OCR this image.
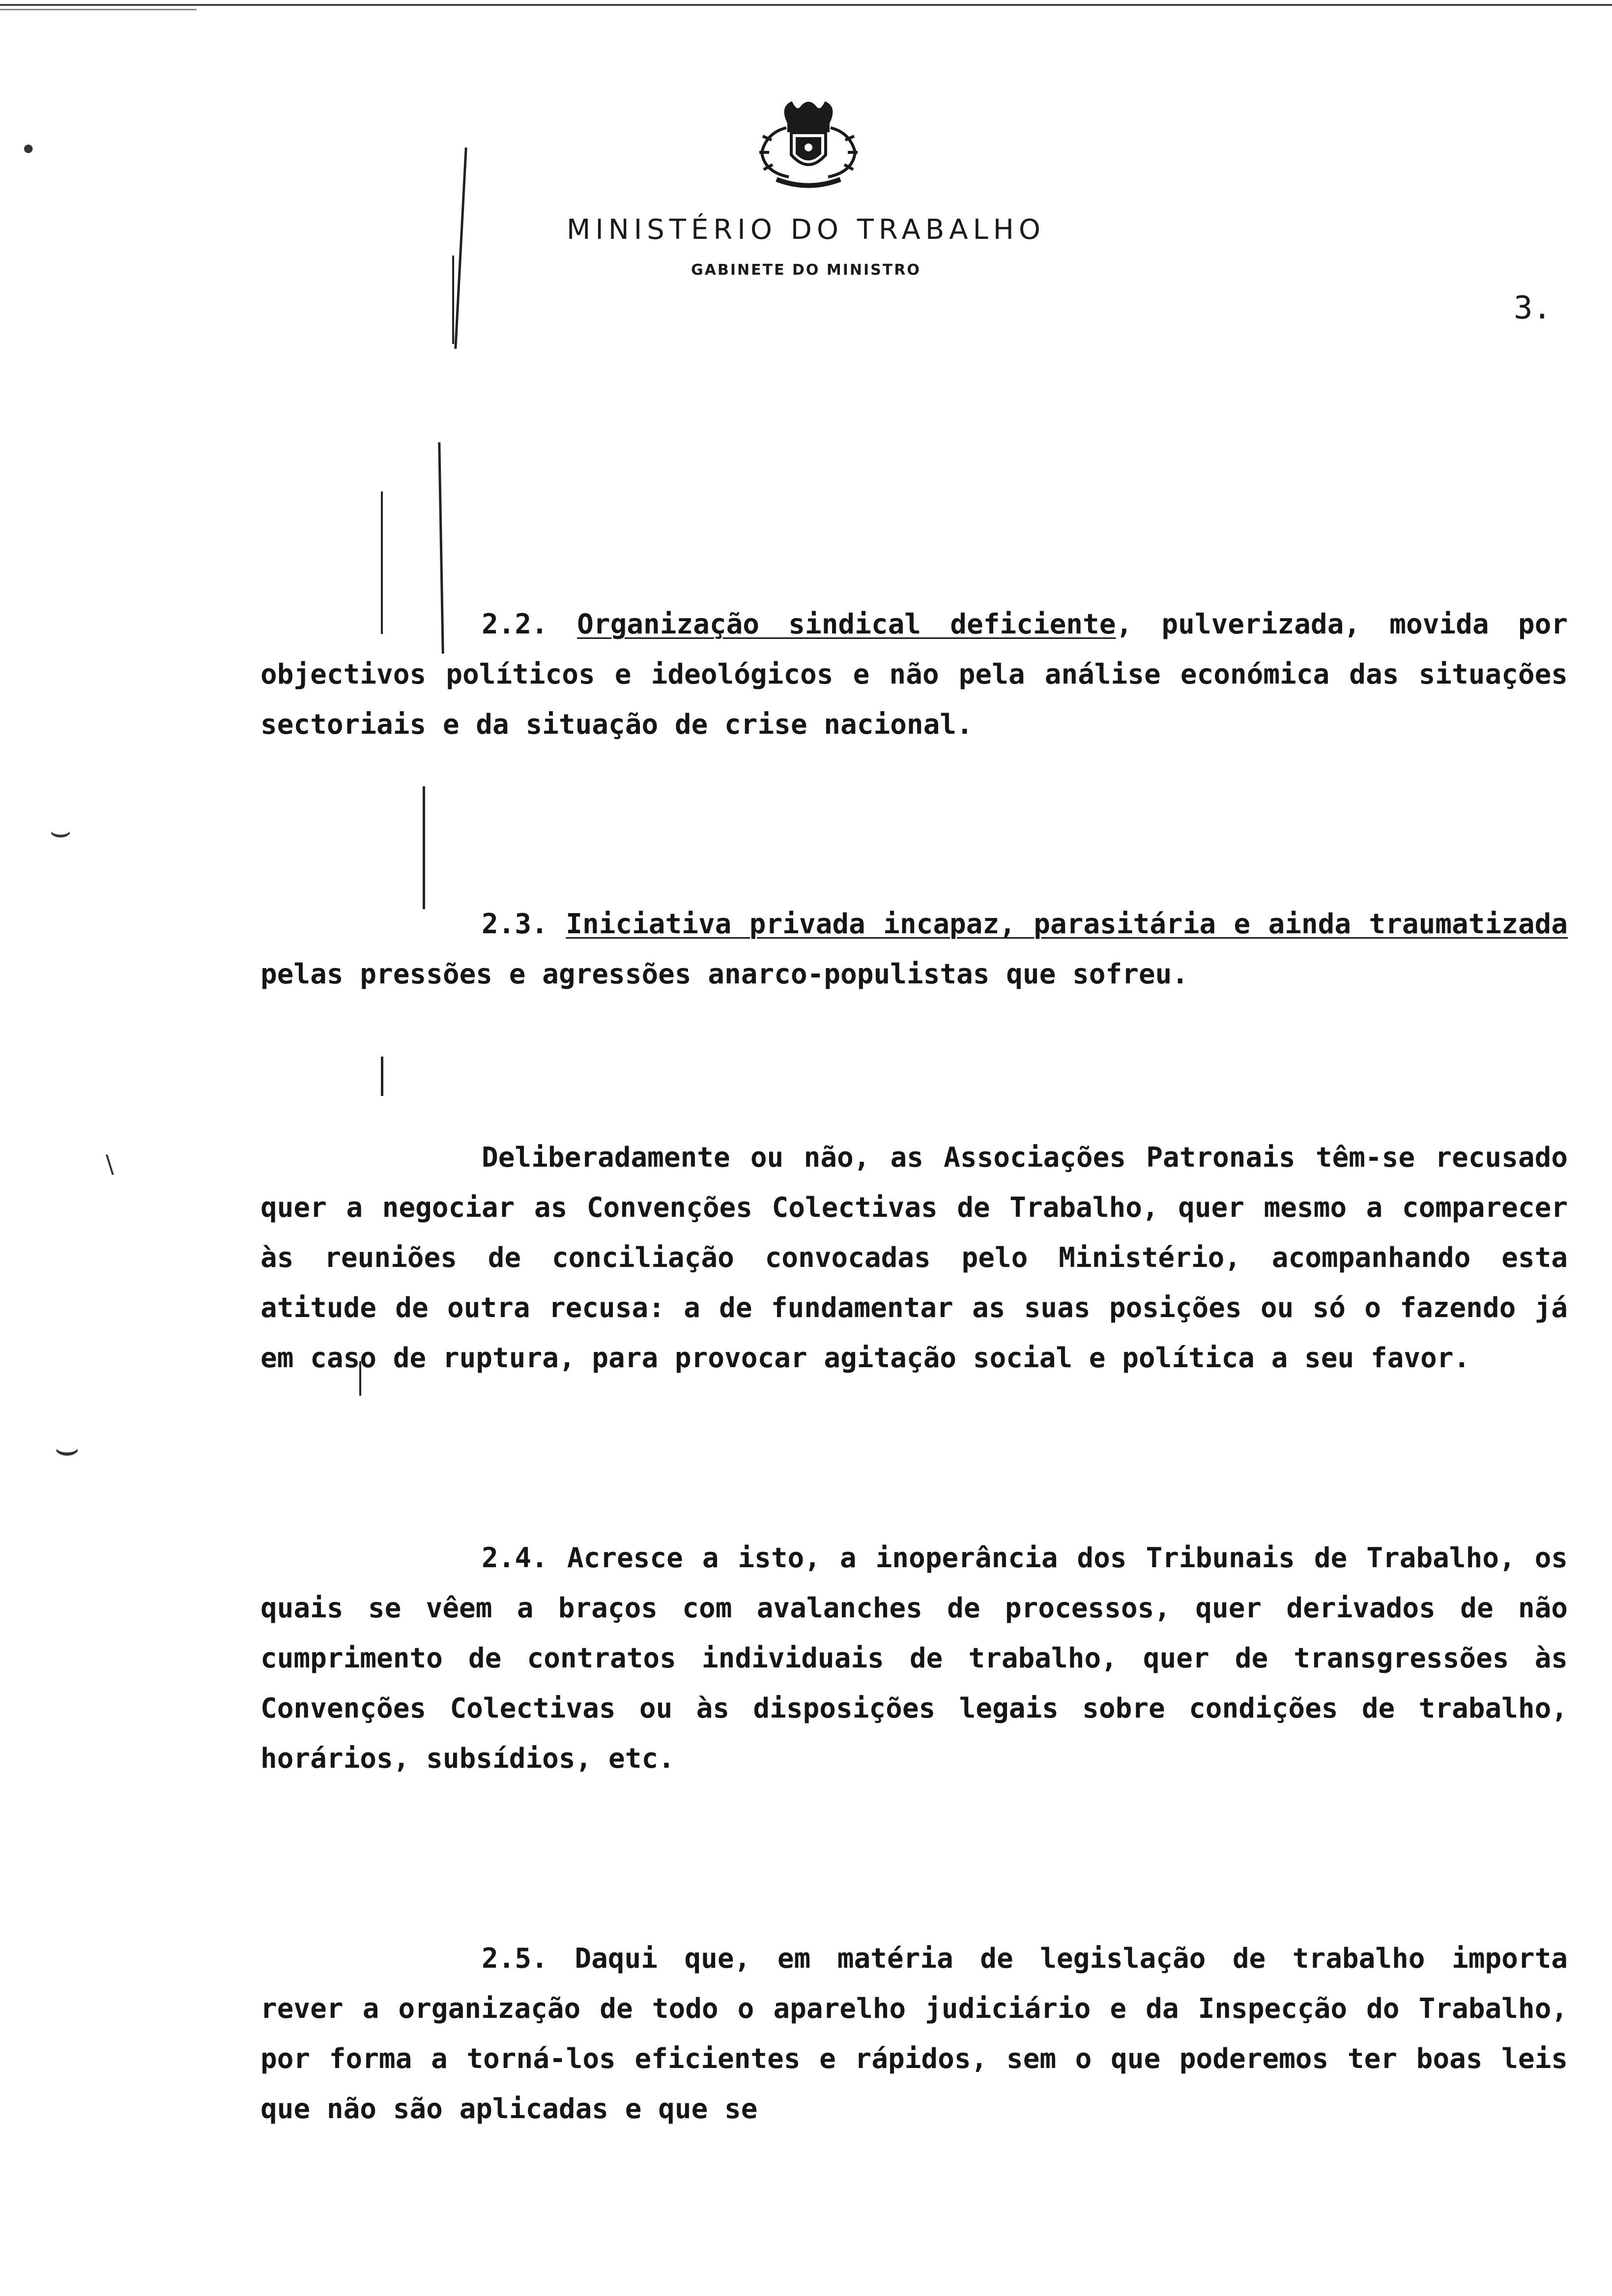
MINISTÉRIO DO TRABALHO
GABINETE DO MINISTRO
3.
•
⌣
⌣
\

2.2. Organização sindical deficiente, pulverizada, movida por objectivos políticos e ideológicos e não pela análise económica das situações sectoriais e da situação de crise nacional.

2.3. Iniciativa privada incapaz, parasitária e ainda traumatizada pelas pressões e agressões anarco-populistas que sofreu.

Deliberadamente ou não, as Associações Patronais têm-se recusado quer a negociar as Convenções Colectivas de Trabalho, quer mesmo a comparecer às reuniões de conciliação convocadas pelo Ministério, acompanhando esta atitude de outra recusa: a de fundamentar as suas posições ou só o fazendo já em caso de ruptura, para provocar agitação social e política a seu favor.

2.4. Acresce a isto, a inoperância dos Tribunais de Trabalho, os quais se vêem a braços com avalanches de processos, quer derivados de não cumprimento de contratos individuais de trabalho, quer de transgressões às Convenções Colectivas ou às disposições legais sobre condições de trabalho, horários, subsídios, etc.

2.5. Daqui que, em matéria de legislação de trabalho importa rever a organização de todo o aparelho judiciário e da Inspecção do Trabalho, por forma a torná-los eficientes e rápidos, sem o que poderemos ter boas leis que não são aplicadas e que se
